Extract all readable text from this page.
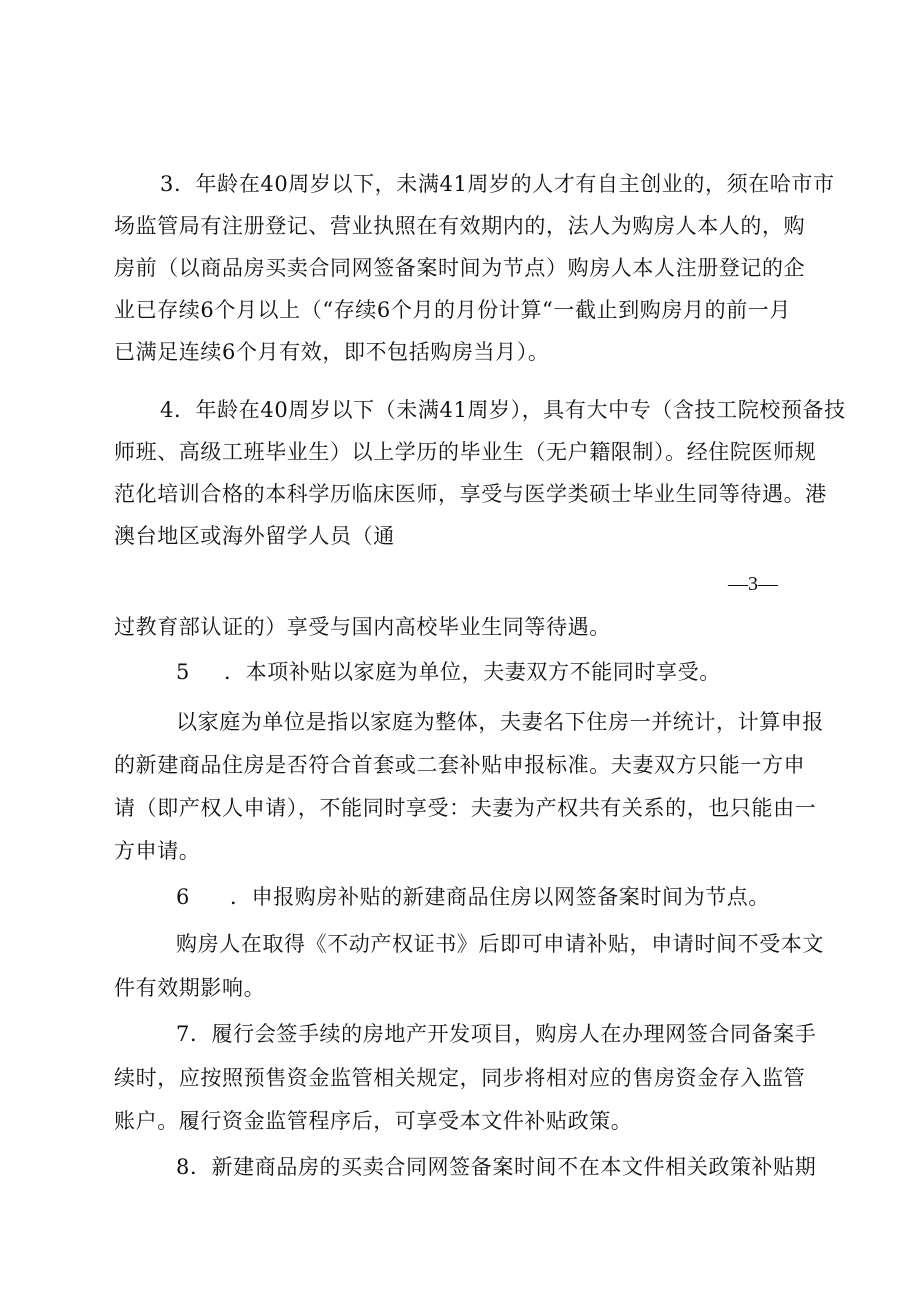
3．年龄在40周岁以下，未满41周岁的人才有自主创业的，须在哈市市

场监管局有注册登记、营业执照在有效期内的，法人为购房人本人的，购

房前（以商品房买卖合同网签备案时间为节点）购房人本人注册登记的企

业已存续6个月以上（“存续6个月的月份计算“一截止到购房月的前一月

已满足连续6个月有效，即不包括购房当月）。

4．年龄在40周岁以下（未满41周岁），具有大中专（含技工院校预备技

师班、高级工班毕业生）以上学历的毕业生（无户籍限制）。经住院医师规

范化培训合格的本科学历临床医师，享受与医学类硕士毕业生同等待遇。港

澳台地区或海外留学人员（通

—3—

过教育部认证的）享受与国内高校毕业生同等待遇。

5 ．本项补贴以家庭为单位，夫妻双方不能同时享受。

以家庭为单位是指以家庭为整体，夫妻名下住房一并统计，计算申报

的新建商品住房是否符合首套或二套补贴申报标准。夫妻双方只能一方申

请（即产权人申请），不能同时享受：夫妻为产权共有关系的，也只能由一

方申请。

6 ．申报购房补贴的新建商品住房以网签备案时间为节点。

购房人在取得《不动产权证书》后即可申请补贴，申请时间不受本文

件有效期影响。

7．履行会签手续的房地产开发项目，购房人在办理网签合同备案手

续时，应按照预售资金监管相关规定，同步将相对应的售房资金存入监管

账户。履行资金监管程序后，可享受本文件补贴政策。

8．新建商品房的买卖合同网签备案时间不在本文件相关政策补贴期
